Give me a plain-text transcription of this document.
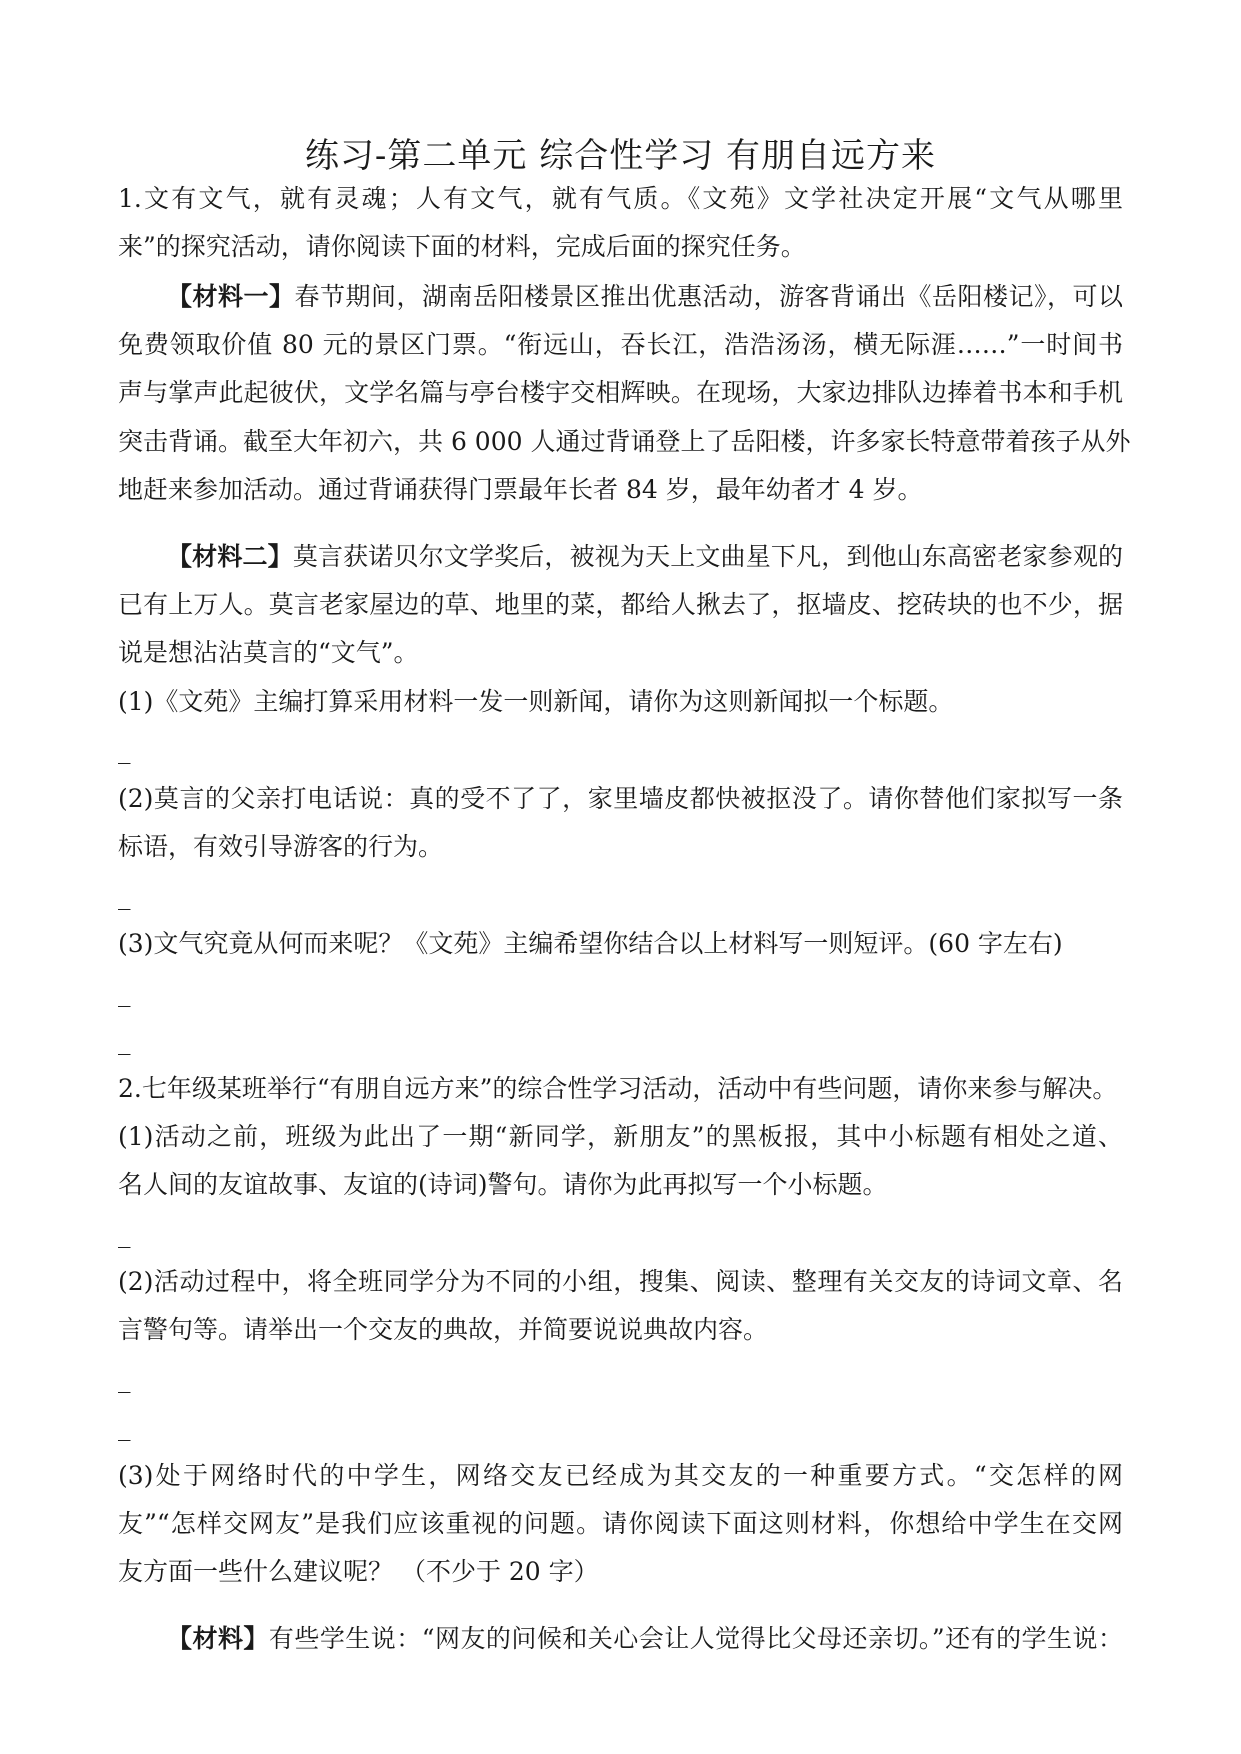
练习-第二单元 综合性学习 有朋自远方来
1.文有文气，就有灵魂；人有文气，就有气质。《文苑》文学社决定开展“文气从哪里
来”的探究活动，请你阅读下面的材料，完成后面的探究任务。
【材料一】春节期间，湖南岳阳楼景区推出优惠活动，游客背诵出《岳阳楼记》，可以
免费领取价值 80 元的景区门票。“衔远山，吞长江，浩浩汤汤，横无际涯……”一时间书
声与掌声此起彼伏，文学名篇与亭台楼宇交相辉映。在现场，大家边排队边捧着书本和手机
突击背诵。截至大年初六，共 6 000 人通过背诵登上了岳阳楼，许多家长特意带着孩子从外
地赶来参加活动。通过背诵获得门票最年长者 84 岁，最年幼者才 4 岁。
【材料二】莫言获诺贝尔文学奖后，被视为天上文曲星下凡，到他山东高密老家参观的
已有上万人。莫言老家屋边的草、地里的菜，都给人揪去了，抠墙皮、挖砖块的也不少，据
说是想沾沾莫言的“文气”。
(1)《文苑》主编打算采用材料一发一则新闻，请你为这则新闻拟一个标题。
_
(2)莫言的父亲打电话说：真的受不了了，家里墙皮都快被抠没了。请你替他们家拟写一条
标语，有效引导游客的行为。
_
(3)文气究竟从何而来呢？《文苑》主编希望你结合以上材料写一则短评。(60 字左右)
_
_
2.七年级某班举行“有朋自远方来”的综合性学习活动，活动中有些问题，请你来参与解决。
(1)活动之前，班级为此出了一期“新同学，新朋友”的黑板报，其中小标题有相处之道、
名人间的友谊故事、友谊的(诗词)警句。请你为此再拟写一个小标题。
_
(2)活动过程中，将全班同学分为不同的小组，搜集、阅读、整理有关交友的诗词文章、名
言警句等。请举出一个交友的典故，并简要说说典故内容。
_
_
(3)处于网络时代的中学生，网络交友已经成为其交友的一种重要方式。“交怎样的网
友”“怎样交网友”是我们应该重视的问题。请你阅读下面这则材料，你想给中学生在交网
友方面一些什么建议呢？ （不少于 20 字）
【材料】有些学生说：“网友的问候和关心会让人觉得比父母还亲切。”还有的学生说：
